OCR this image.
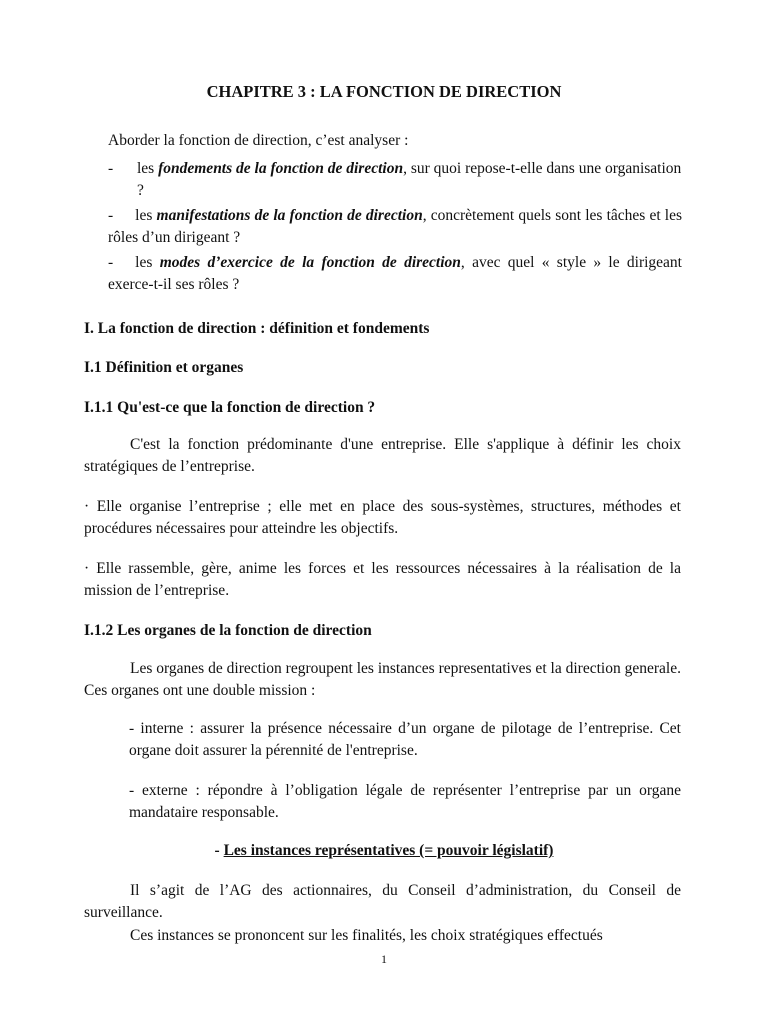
CHAPITRE 3 : LA FONCTION DE DIRECTION

Aborder la fonction de direction, c’est analyser :

-	les fondements de la fonction de direction, sur quoi repose-t-elle dans une organisation ?
- les manifestations de la fonction de direction, concrètement quels sont les tâches et les rôles d’un dirigeant ?
- les modes d’exercice de la fonction de direction, avec quel « style » le dirigeant exerce-t-il ses rôles ?
I. La fonction de direction : définition et fondements
I.1 Définition et organes
I.1.1 Qu'est-ce que la fonction de direction ?

C'est la fonction prédominante d'une entreprise. Elle s'applique à définir les choix stratégiques de l’entreprise.

· Elle organise l’entreprise ; elle met en place des sous-systèmes, structures, méthodes et procédures nécessaires pour atteindre les objectifs.

· Elle rassemble, gère, anime les forces et les ressources nécessaires à la réalisation de la mission de l’entreprise.

I.1.2 Les organes de la fonction de direction

Les organes de direction regroupent les instances representatives et la direction generale. Ces organes ont une double mission :

- interne : assurer la présence nécessaire d’un organe de pilotage de l’entreprise. Cet organe doit assurer la pérennité de l'entreprise.

- externe : répondre à l’obligation légale de représenter l’entreprise par un organe mandataire responsable.

- Les instances représentatives (= pouvoir législatif)

Il s’agit de l’AG des actionnaires, du Conseil d’administration, du Conseil de surveillance.

Ces instances se prononcent sur les finalités, les choix stratégiques effectués

1
